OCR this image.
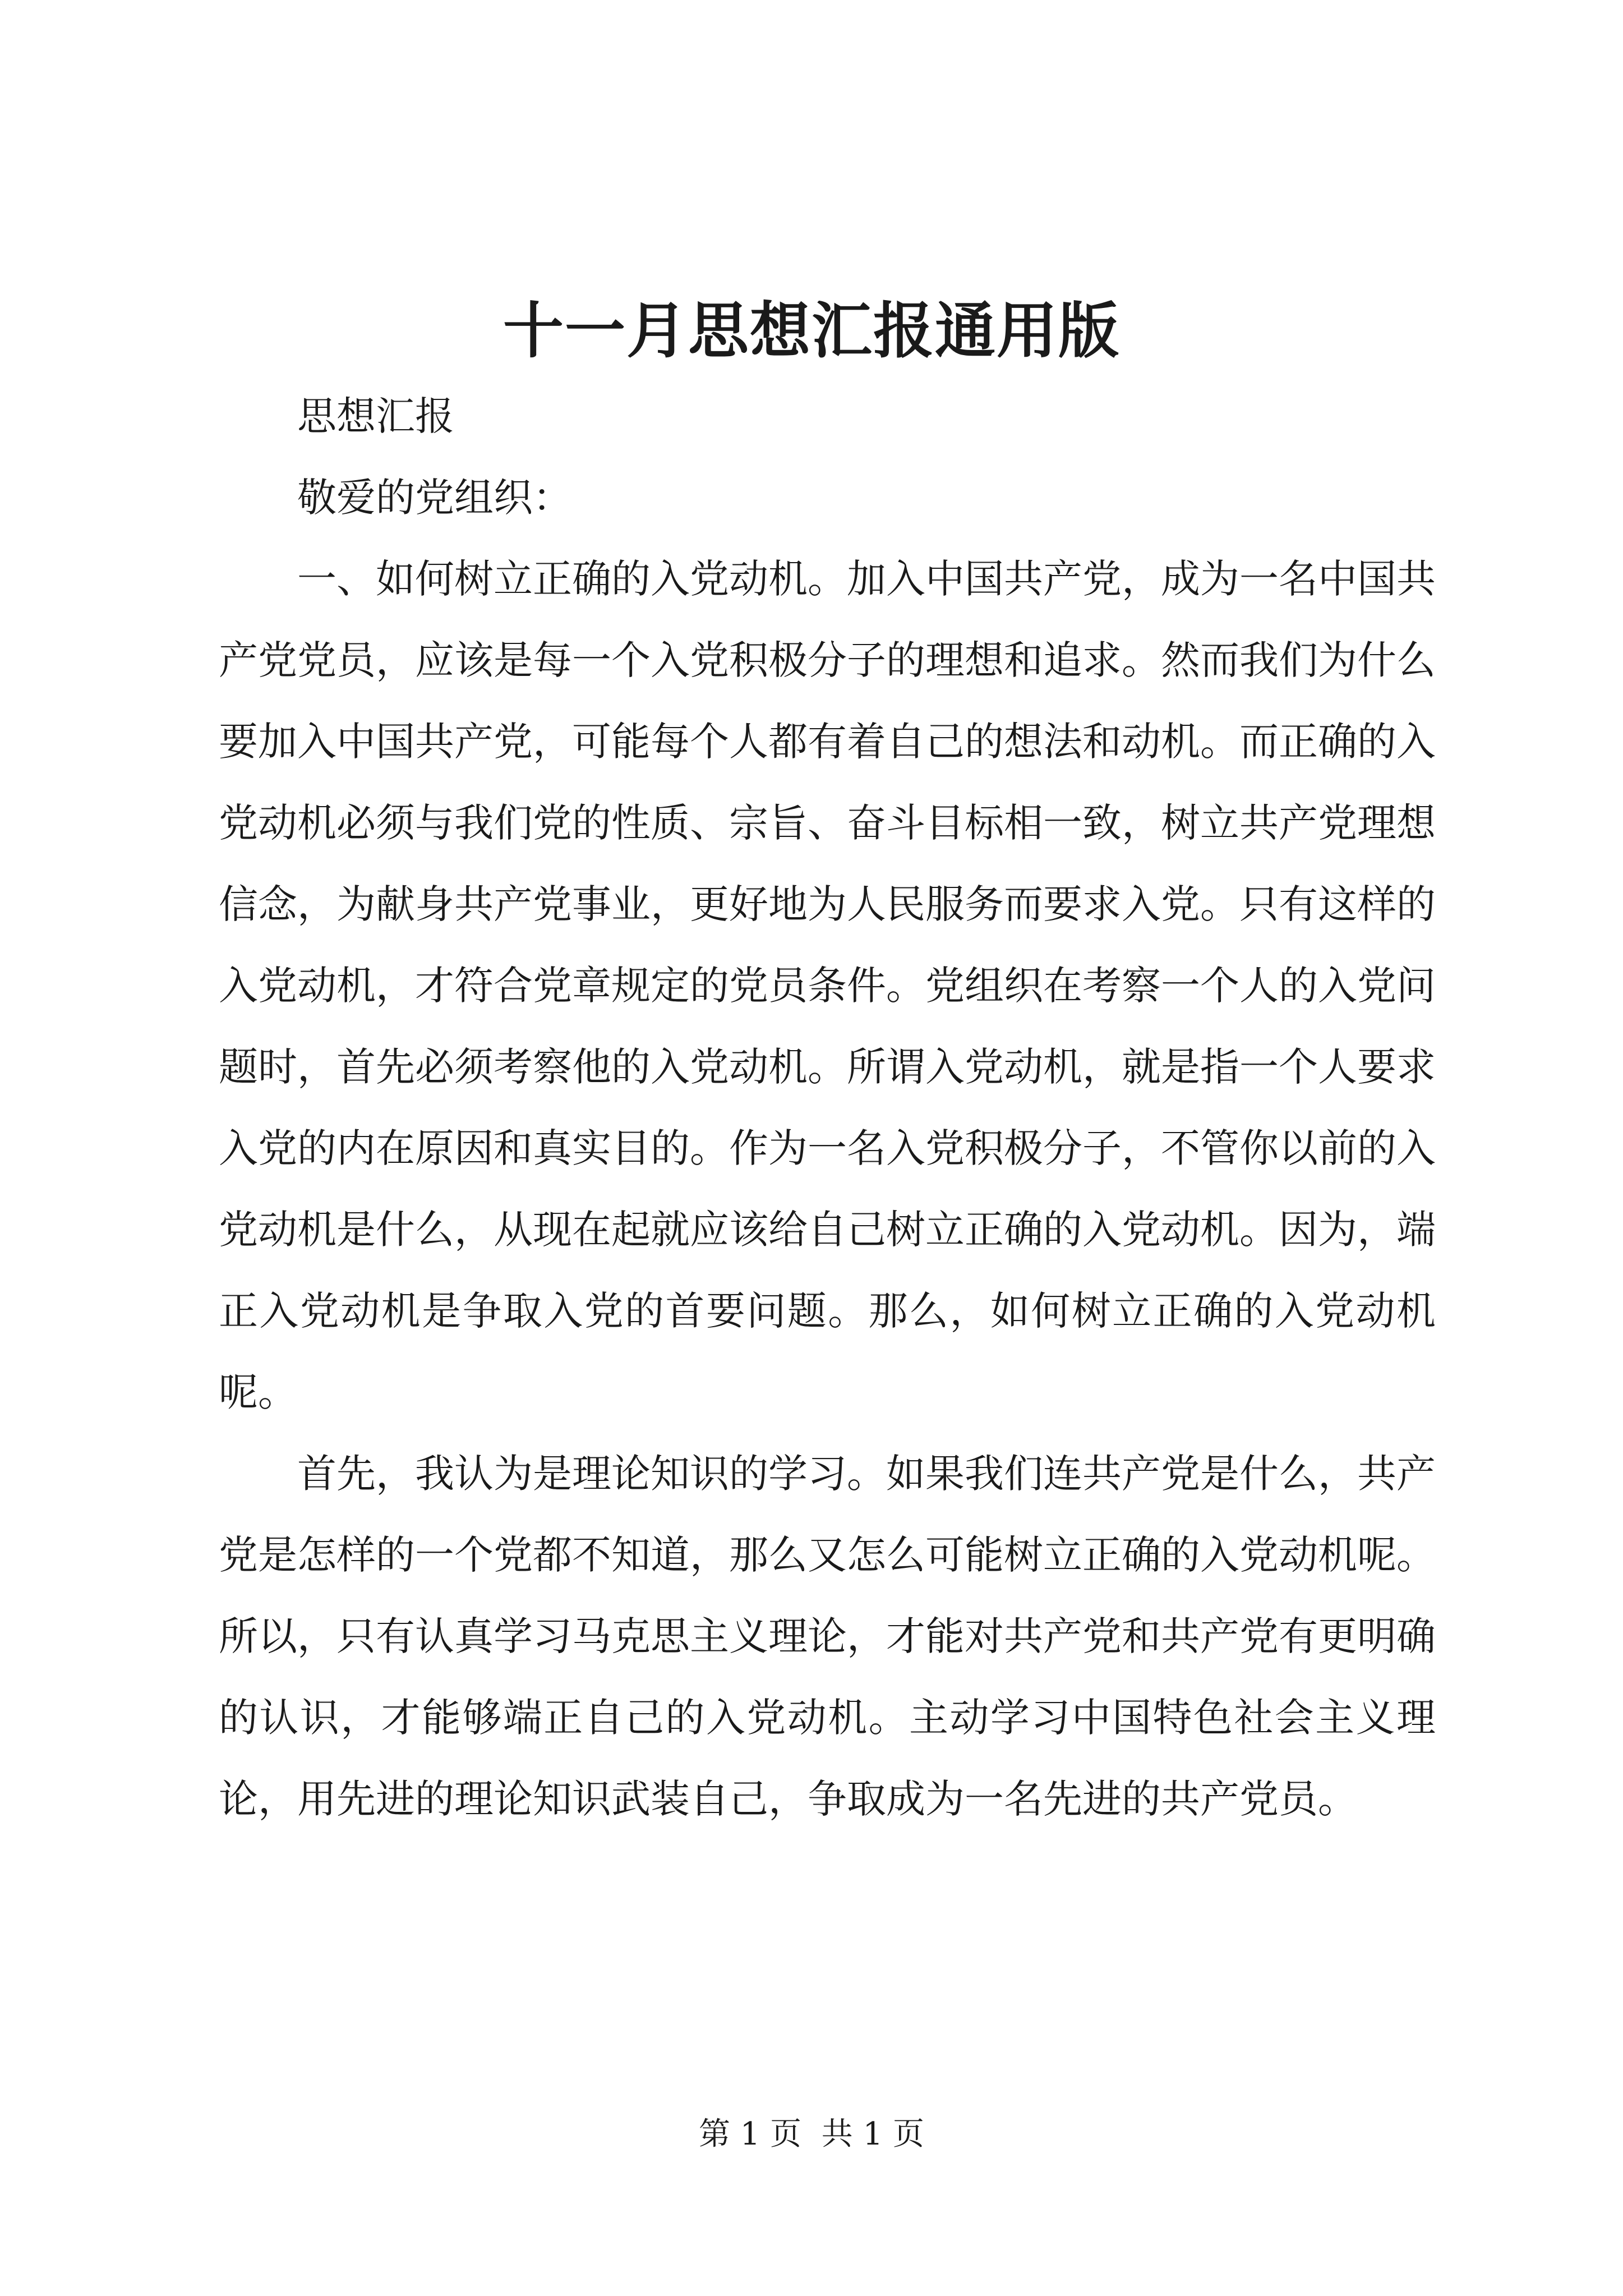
十一月思想汇报通用版

思想汇报

敬爱的党组织：

一、如何树立正确的入党动机。加入中国共产党，成为一名中国共产党党员，应该是每一个入党积极分子的理想和追求。然而我们为什么要加入中国共产党，可能每个人都有着自己的想法和动机。而正确的入党动机必须与我们党的性质、宗旨、奋斗目标相一致，树立共产党理想信念，为献身共产党事业，更好地为人民服务而要求入党。只有这样的入党动机，才符合党章规定的党员条件。党组织在考察一个人的入党问题时，首先必须考察他的入党动机。所谓入党动机，就是指一个人要求入党的内在原因和真实目的。作为一名入党积极分子，不管你以前的入党动机是什么，从现在起就应该给自己树立正确的入党动机。因为，端正入党动机是争取入党的首要问题。那么，如何树立正确的入党动机呢。

首先，我认为是理论知识的学习。如果我们连共产党是什么，共产党是怎样的一个党都不知道，那么又怎么可能树立正确的入党动机呢。所以，只有认真学习马克思主义理论，才能对共产党和共产党有更明确的认识，才能够端正自己的入党动机。主动学习中国特色社会主义理论，用先进的理论知识武装自己，争取成为一名先进的共产党员。

第 1 页 共 1 页
